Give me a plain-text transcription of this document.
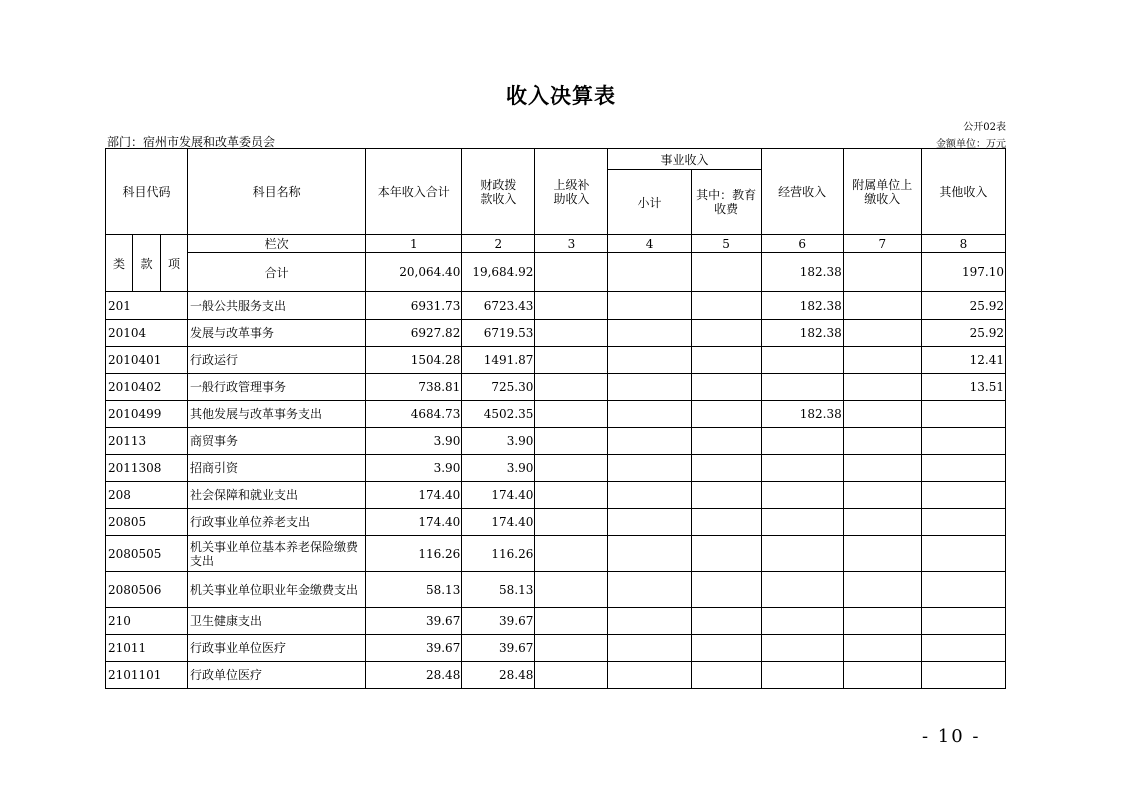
收入决算表
公开02表
部门：宿州市发展和改革委员会	金额单位：万元
科目代码			科目名称	本年收入合计	财政拨款收入	上级补助收入	事业收入		经营收入	附属单位上缴收入	其他收入
							小计	其中：教育收费			
类	款	项	栏次	1	2	3	4	5	6	7	8
			合计	20,064.40	19,684.92				182.38		197.10
201			一般公共服务支出	6931.73	6723.43				182.38		25.92
20104			发展与改革事务	6927.82	6719.53				182.38		25.92
2010401			行政运行	1504.28	1491.87						12.41
2010402			一般行政管理事务	738.81	725.30						13.51
2010499			其他发展与改革事务支出	4684.73	4502.35				182.38		
20113			商贸事务	3.90	3.90						
2011308			招商引资	3.90	3.90						
208			社会保障和就业支出	174.40	174.40						
20805			行政事业单位养老支出	174.40	174.40						
2080505			机关事业单位基本养老保险缴费支出	116.26	116.26						
2080506			机关事业单位职业年金缴费支出	58.13	58.13						
210			卫生健康支出	39.67	39.67						
21011			行政事业单位医疗	39.67	39.67						
2101101			行政单位医疗	28.48	28.48						
- 10 -
